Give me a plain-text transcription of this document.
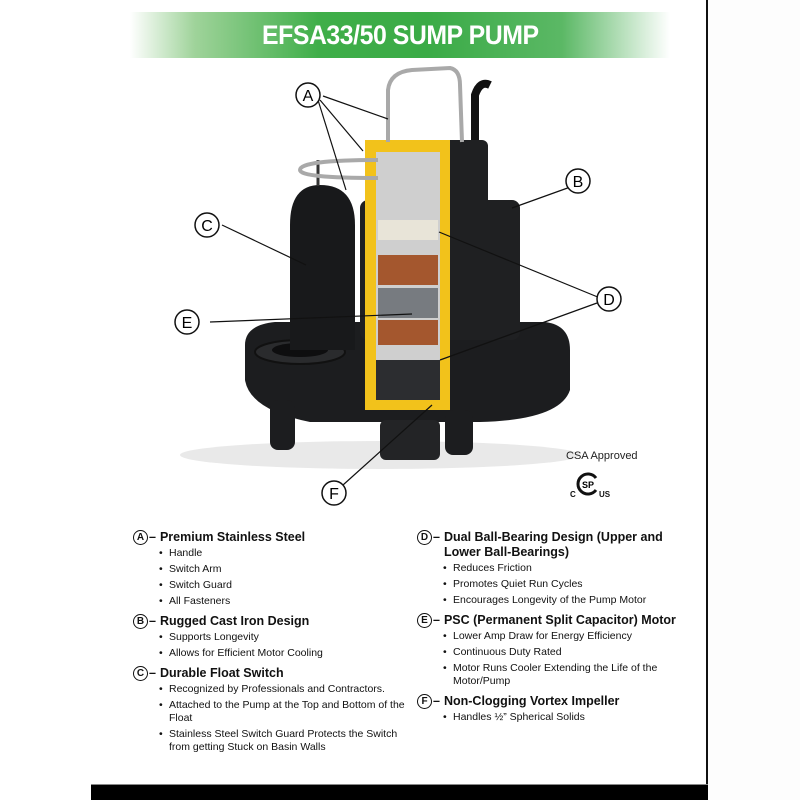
EFSA33/50 SUMP PUMP
A
B
C
D
E
F
CSA Approved
C
SP
US
A – Premium Stainless Steel
• Handle
• Switch Arm
• Switch Guard
• All Fasteners
B – Rugged Cast Iron Design
• Supports Longevity
• Allows for Efficient Motor Cooling
C – Durable Float Switch
• Recognized by Professionals and Contractors.
• Attached to the Pump at the Top and Bottom of the Float
• Stainless Steel Switch Guard Protects the Switch from getting Stuck on Basin Walls
D – Dual Ball-Bearing Design (Upper and Lower Ball-Bearings)
• Reduces Friction
• Promotes Quiet Run Cycles
• Encourages Longevity of the Pump Motor
E – PSC (Permanent Split Capacitor) Motor
• Lower Amp Draw for Energy Efficiency
• Continuous Duty Rated
• Motor Runs Cooler Extending the Life of the Motor/Pump
F – Non-Clogging Vortex Impeller
• Handles ½” Spherical Solids
